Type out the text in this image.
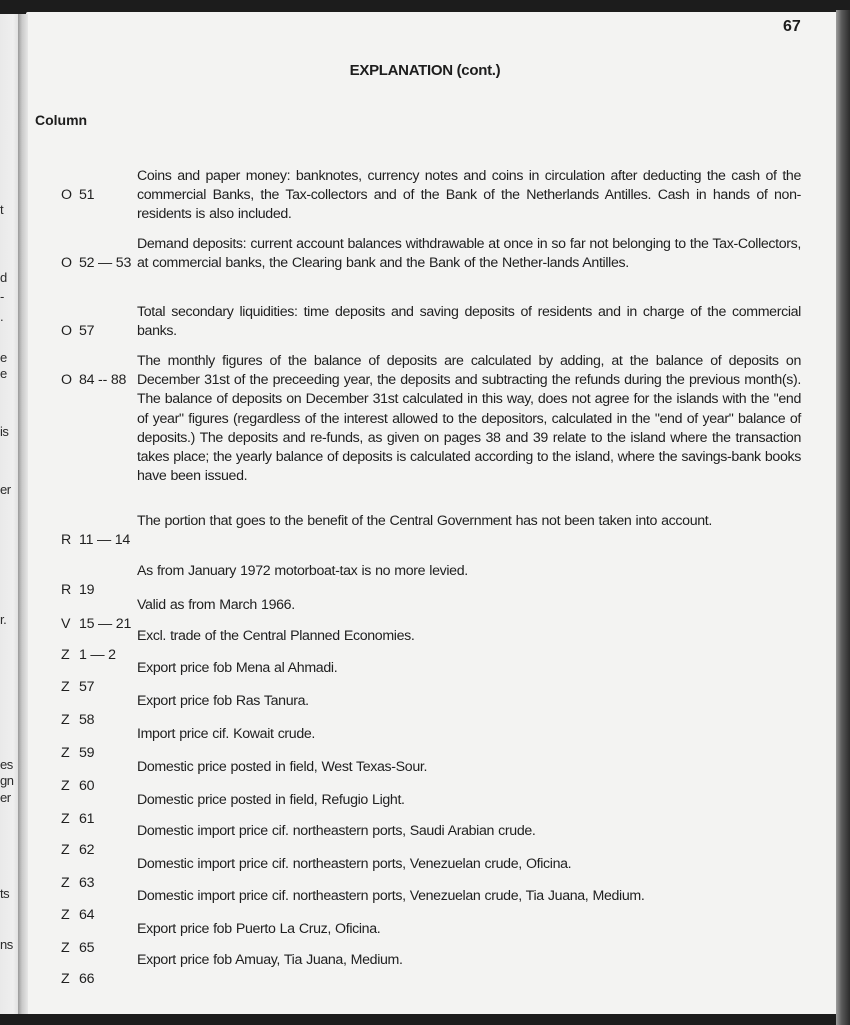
t
d
-
.
e
e
is
er
r.
es
gn
er
ts
ns
67
EXPLANATION (cont.)
Column

O 51

Coins and paper money: banknotes, currency notes and coins in circulation after deducting the cash of the commercial Banks, the Tax-collectors and of the Bank of the Netherlands Antilles. Cash in hands of non-residents is also included.

O 52 — 53

Demand deposits: current account balances withdrawable at once in so far not belonging to the Tax-Collectors, at commercial banks, the Clearing bank and the Bank of the Nether-lands Antilles.

O 57

Total secondary liquidities: time deposits and saving deposits of residents and in charge of the commercial banks.

O 84 -- 88

The monthly figures of the balance of deposits are calculated by adding, at the balance of deposits on December 31st of the preceeding year, the deposits and subtracting the refunds during the previous month(s). The balance of deposits on December 31st calculated in this way, does not agree for the islands with the "end of year" figures (regardless of the interest allowed to the depositors, calculated in the "end of year" balance of deposits.) The deposits and re-funds, as given on pages 38 and 39 relate to the island where the transaction takes place; the yearly balance of deposits is calculated according to the island, where the savings-bank books have been issued.

R 11 — 14

The portion that goes to the benefit of the Central Government has not been taken into account.

R 19

As from January 1972 motorboat-tax is no more levied.

V 15 — 21

Valid as from March 1966.

Z 1 — 2

Excl. trade of the Central Planned Economies.

Z 57

Export price fob Mena al Ahmadi.

Z 58

Export price fob Ras Tanura.

Z 59

Import price cif. Kowait crude.

Z 60

Domestic price posted in field, West Texas-Sour.

Z 61

Domestic price posted in field, Refugio Light.

Z 62

Domestic import price cif. northeastern ports, Saudi Arabian crude.

Z 63

Domestic import price cif. northeastern ports, Venezuelan crude, Oficina.

Z 64

Domestic import price cif. northeastern ports, Venezuelan crude, Tia Juana, Medium.

Z 65

Export price fob Puerto La Cruz, Oficina.

Z 66

Export price fob Amuay, Tia Juana, Medium.
